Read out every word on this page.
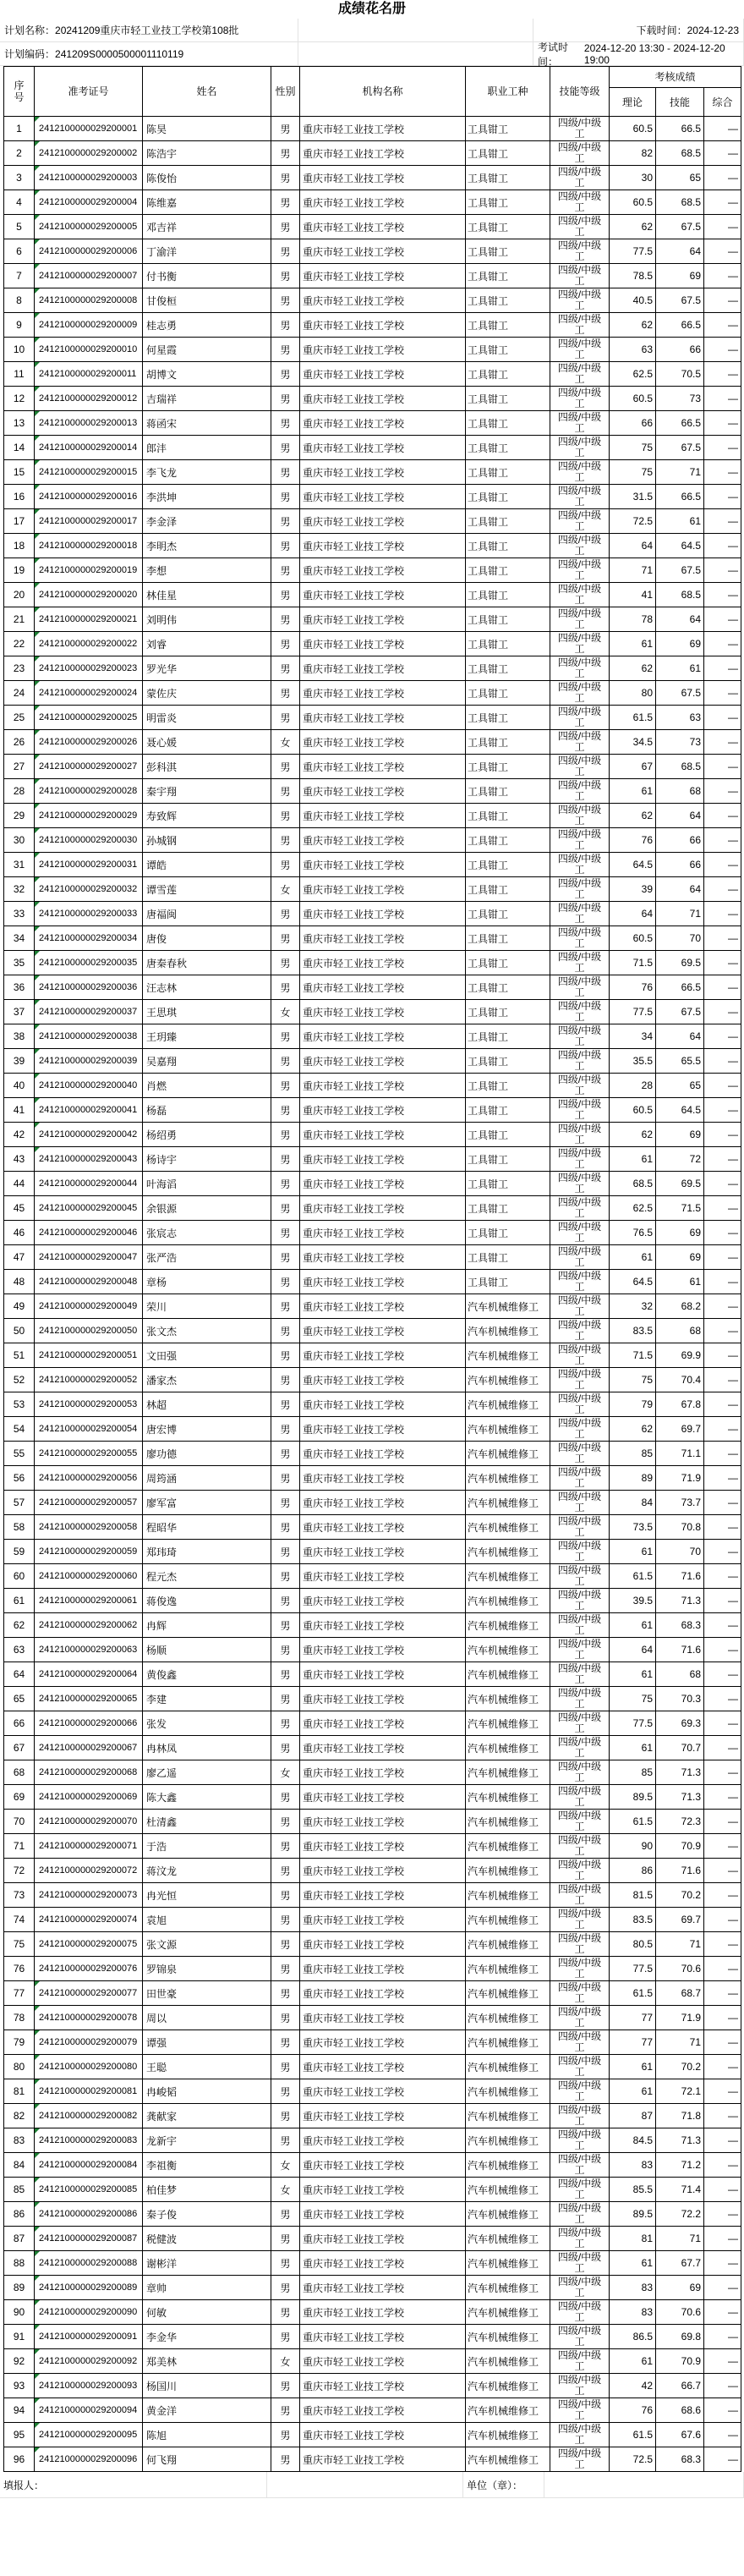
成绩花名册
计划名称： 20241209重庆市轻工业技工学校第108批	下载时间： 2024-12-23
计划编码： 241209S0000500001110119
考试时间：
2024-12-20 13:30 - 2024-12-20 19:00
序号	准考证号	姓名	性别	机构名称	职业工种	技能等级	考核成绩		
							理论	技能	综合
1	2412100000029200001	陈昊	男	重庆市轻工业技工学校	工具钳工	四级/中级工	60.5	66.5	—
2	2412100000029200002	陈浩宇	男	重庆市轻工业技工学校	工具钳工	四级/中级工	82	68.5	—
3	2412100000029200003	陈俊怡	男	重庆市轻工业技工学校	工具钳工	四级/中级工	30	65	—
4	2412100000029200004	陈维嘉	男	重庆市轻工业技工学校	工具钳工	四级/中级工	60.5	68.5	—
5	2412100000029200005	邓吉祥	男	重庆市轻工业技工学校	工具钳工	四级/中级工	62	67.5	—
6	2412100000029200006	丁渝洋	男	重庆市轻工业技工学校	工具钳工	四级/中级工	77.5	64	—
7	2412100000029200007	付书衡	男	重庆市轻工业技工学校	工具钳工	四级/中级工	78.5	69	—
8	2412100000029200008	甘俊桓	男	重庆市轻工业技工学校	工具钳工	四级/中级工	40.5	67.5	—
9	2412100000029200009	桂志勇	男	重庆市轻工业技工学校	工具钳工	四级/中级工	62	66.5	—
10	2412100000029200010	何星霞	男	重庆市轻工业技工学校	工具钳工	四级/中级工	63	66	—
11	2412100000029200011	胡博文	男	重庆市轻工业技工学校	工具钳工	四级/中级工	62.5	70.5	—
12	2412100000029200012	吉瑞祥	男	重庆市轻工业技工学校	工具钳工	四级/中级工	60.5	73	—
13	2412100000029200013	蒋函宋	男	重庆市轻工业技工学校	工具钳工	四级/中级工	66	66.5	—
14	2412100000029200014	郎沣	男	重庆市轻工业技工学校	工具钳工	四级/中级工	75	67.5	—
15	2412100000029200015	李飞龙	男	重庆市轻工业技工学校	工具钳工	四级/中级工	75	71	—
16	2412100000029200016	李洪坤	男	重庆市轻工业技工学校	工具钳工	四级/中级工	31.5	66.5	—
17	2412100000029200017	李金泽	男	重庆市轻工业技工学校	工具钳工	四级/中级工	72.5	61	—
18	2412100000029200018	李明杰	男	重庆市轻工业技工学校	工具钳工	四级/中级工	64	64.5	—
19	2412100000029200019	李想	男	重庆市轻工业技工学校	工具钳工	四级/中级工	71	67.5	—
20	2412100000029200020	林佳星	男	重庆市轻工业技工学校	工具钳工	四级/中级工	41	68.5	—
21	2412100000029200021	刘明伟	男	重庆市轻工业技工学校	工具钳工	四级/中级工	78	64	—
22	2412100000029200022	刘睿	男	重庆市轻工业技工学校	工具钳工	四级/中级工	61	69	—
23	2412100000029200023	罗光华	男	重庆市轻工业技工学校	工具钳工	四级/中级工	62	61	—
24	2412100000029200024	蒙佐庆	男	重庆市轻工业技工学校	工具钳工	四级/中级工	80	67.5	—
25	2412100000029200025	明雷炎	男	重庆市轻工业技工学校	工具钳工	四级/中级工	61.5	63	—
26	2412100000029200026	聂心媛	女	重庆市轻工业技工学校	工具钳工	四级/中级工	34.5	73	—
27	2412100000029200027	彭科淇	男	重庆市轻工业技工学校	工具钳工	四级/中级工	67	68.5	—
28	2412100000029200028	秦宇翔	男	重庆市轻工业技工学校	工具钳工	四级/中级工	61	68	—
29	2412100000029200029	寿致辉	男	重庆市轻工业技工学校	工具钳工	四级/中级工	62	64	—
30	2412100000029200030	孙城钢	男	重庆市轻工业技工学校	工具钳工	四级/中级工	76	66	—
31	2412100000029200031	谭皓	男	重庆市轻工业技工学校	工具钳工	四级/中级工	64.5	66	—
32	2412100000029200032	谭雪莲	女	重庆市轻工业技工学校	工具钳工	四级/中级工	39	64	—
33	2412100000029200033	唐福闽	男	重庆市轻工业技工学校	工具钳工	四级/中级工	64	71	—
34	2412100000029200034	唐俊	男	重庆市轻工业技工学校	工具钳工	四级/中级工	60.5	70	—
35	2412100000029200035	唐秦春秋	男	重庆市轻工业技工学校	工具钳工	四级/中级工	71.5	69.5	—
36	2412100000029200036	汪志林	男	重庆市轻工业技工学校	工具钳工	四级/中级工	76	66.5	—
37	2412100000029200037	王思琪	女	重庆市轻工业技工学校	工具钳工	四级/中级工	77.5	67.5	—
38	2412100000029200038	王玥臻	男	重庆市轻工业技工学校	工具钳工	四级/中级工	34	64	—
39	2412100000029200039	吴嘉翔	男	重庆市轻工业技工学校	工具钳工	四级/中级工	35.5	65.5	—
40	2412100000029200040	肖燃	男	重庆市轻工业技工学校	工具钳工	四级/中级工	28	65	—
41	2412100000029200041	杨磊	男	重庆市轻工业技工学校	工具钳工	四级/中级工	60.5	64.5	—
42	2412100000029200042	杨绍勇	男	重庆市轻工业技工学校	工具钳工	四级/中级工	62	69	—
43	2412100000029200043	杨诗宇	男	重庆市轻工业技工学校	工具钳工	四级/中级工	61	72	—
44	2412100000029200044	叶海滔	男	重庆市轻工业技工学校	工具钳工	四级/中级工	68.5	69.5	—
45	2412100000029200045	余银源	男	重庆市轻工业技工学校	工具钳工	四级/中级工	62.5	71.5	—
46	2412100000029200046	张宸志	男	重庆市轻工业技工学校	工具钳工	四级/中级工	76.5	69	—
47	2412100000029200047	张严浩	男	重庆市轻工业技工学校	工具钳工	四级/中级工	61	69	—
48	2412100000029200048	章杨	男	重庆市轻工业技工学校	工具钳工	四级/中级工	64.5	61	—
49	2412100000029200049	荣川	男	重庆市轻工业技工学校	汽车机械维修工	四级/中级工	32	68.2	—
50	2412100000029200050	张文杰	男	重庆市轻工业技工学校	汽车机械维修工	四级/中级工	83.5	68	—
51	2412100000029200051	文田强	男	重庆市轻工业技工学校	汽车机械维修工	四级/中级工	71.5	69.9	—
52	2412100000029200052	潘家杰	男	重庆市轻工业技工学校	汽车机械维修工	四级/中级工	75	70.4	—
53	2412100000029200053	林超	男	重庆市轻工业技工学校	汽车机械维修工	四级/中级工	79	67.8	—
54	2412100000029200054	唐宏博	男	重庆市轻工业技工学校	汽车机械维修工	四级/中级工	62	69.7	—
55	2412100000029200055	廖功德	男	重庆市轻工业技工学校	汽车机械维修工	四级/中级工	85	71.1	—
56	2412100000029200056	周筠涵	男	重庆市轻工业技工学校	汽车机械维修工	四级/中级工	89	71.9	—
57	2412100000029200057	廖军富	男	重庆市轻工业技工学校	汽车机械维修工	四级/中级工	84	73.7	—
58	2412100000029200058	程昭华	男	重庆市轻工业技工学校	汽车机械维修工	四级/中级工	73.5	70.8	—
59	2412100000029200059	郑玮琦	男	重庆市轻工业技工学校	汽车机械维修工	四级/中级工	61	70	—
60	2412100000029200060	程元杰	男	重庆市轻工业技工学校	汽车机械维修工	四级/中级工	61.5	71.6	—
61	2412100000029200061	蒋俊逸	男	重庆市轻工业技工学校	汽车机械维修工	四级/中级工	39.5	71.3	—
62	2412100000029200062	冉辉	男	重庆市轻工业技工学校	汽车机械维修工	四级/中级工	61	68.3	—
63	2412100000029200063	杨顺	男	重庆市轻工业技工学校	汽车机械维修工	四级/中级工	64	71.6	—
64	2412100000029200064	黄俊鑫	男	重庆市轻工业技工学校	汽车机械维修工	四级/中级工	61	68	—
65	2412100000029200065	李建	男	重庆市轻工业技工学校	汽车机械维修工	四级/中级工	75	70.3	—
66	2412100000029200066	张发	男	重庆市轻工业技工学校	汽车机械维修工	四级/中级工	77.5	69.3	—
67	2412100000029200067	冉林凤	男	重庆市轻工业技工学校	汽车机械维修工	四级/中级工	61	70.7	—
68	2412100000029200068	廖乙遥	女	重庆市轻工业技工学校	汽车机械维修工	四级/中级工	85	71.3	—
69	2412100000029200069	陈大鑫	男	重庆市轻工业技工学校	汽车机械维修工	四级/中级工	89.5	71.3	—
70	2412100000029200070	杜清鑫	男	重庆市轻工业技工学校	汽车机械维修工	四级/中级工	61.5	72.3	—
71	2412100000029200071	于浩	男	重庆市轻工业技工学校	汽车机械维修工	四级/中级工	90	70.9	—
72	2412100000029200072	蒋汶龙	男	重庆市轻工业技工学校	汽车机械维修工	四级/中级工	86	71.6	—
73	2412100000029200073	冉光恒	男	重庆市轻工业技工学校	汽车机械维修工	四级/中级工	81.5	70.2	—
74	2412100000029200074	袁旭	男	重庆市轻工业技工学校	汽车机械维修工	四级/中级工	83.5	69.7	—
75	2412100000029200075	张文源	男	重庆市轻工业技工学校	汽车机械维修工	四级/中级工	80.5	71	—
76	2412100000029200076	罗锦泉	男	重庆市轻工业技工学校	汽车机械维修工	四级/中级工	77.5	70.6	—
77	2412100000029200077	田世豪	男	重庆市轻工业技工学校	汽车机械维修工	四级/中级工	61.5	68.7	—
78	2412100000029200078	周以	男	重庆市轻工业技工学校	汽车机械维修工	四级/中级工	77	71.9	—
79	2412100000029200079	谭强	男	重庆市轻工业技工学校	汽车机械维修工	四级/中级工	77	71	—
80	2412100000029200080	王聪	男	重庆市轻工业技工学校	汽车机械维修工	四级/中级工	61	70.2	—
81	2412100000029200081	冉峻韬	男	重庆市轻工业技工学校	汽车机械维修工	四级/中级工	61	72.1	—
82	2412100000029200082	龚献家	男	重庆市轻工业技工学校	汽车机械维修工	四级/中级工	87	71.8	—
83	2412100000029200083	龙新宇	男	重庆市轻工业技工学校	汽车机械维修工	四级/中级工	84.5	71.3	—
84	2412100000029200084	李祖衡	女	重庆市轻工业技工学校	汽车机械维修工	四级/中级工	83	71.2	—
85	2412100000029200085	柏佳梦	女	重庆市轻工业技工学校	汽车机械维修工	四级/中级工	85.5	71.4	—
86	2412100000029200086	秦子俊	男	重庆市轻工业技工学校	汽车机械维修工	四级/中级工	89.5	72.2	—
87	2412100000029200087	税健波	男	重庆市轻工业技工学校	汽车机械维修工	四级/中级工	81	71	—
88	2412100000029200088	谢彬洋	男	重庆市轻工业技工学校	汽车机械维修工	四级/中级工	61	67.7	—
89	2412100000029200089	章帅	男	重庆市轻工业技工学校	汽车机械维修工	四级/中级工	83	69	—
90	2412100000029200090	何敏	男	重庆市轻工业技工学校	汽车机械维修工	四级/中级工	83	70.6	—
91	2412100000029200091	李金华	男	重庆市轻工业技工学校	汽车机械维修工	四级/中级工	86.5	69.8	—
92	2412100000029200092	郑美林	女	重庆市轻工业技工学校	汽车机械维修工	四级/中级工	61	70.9	—
93	2412100000029200093	杨国川	男	重庆市轻工业技工学校	汽车机械维修工	四级/中级工	42	66.7	—
94	2412100000029200094	黄金洋	男	重庆市轻工业技工学校	汽车机械维修工	四级/中级工	76	68.6	—
95	2412100000029200095	陈旭	男	重庆市轻工业技工学校	汽车机械维修工	四级/中级工	61.5	67.6	—
96	2412100000029200096	何飞翔	男	重庆市轻工业技工学校	汽车机械维修工	四级/中级工	72.5	68.3	—
填报人：	单位（章）：
